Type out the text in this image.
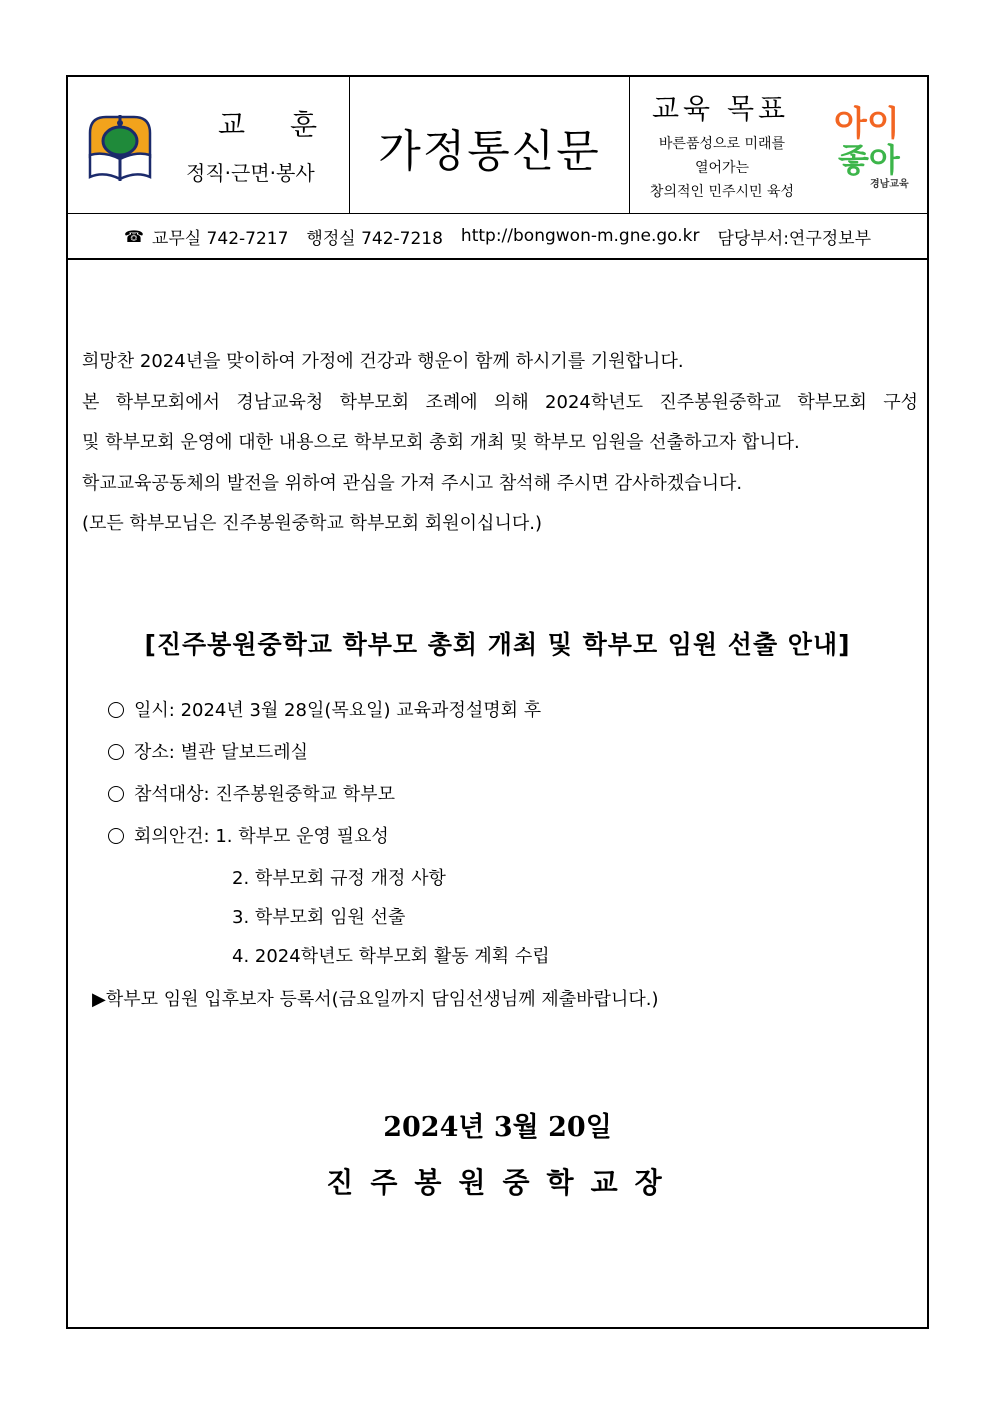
교 훈
정직·근면·봉사	가정통신문
교육 목표
바른품성으로 미래를
열어가는
창의적인 민주시민 육성
아이
좋아
경남교육
☎ 교무실 742-7217 행정실 742-7218 http://bongwon-m.gne.go.kr 담당부서:연구정보부

희망찬 2024년을 맞이하여 가정에 건강과 행운이 함께 하시기를 기원합니다.

본 학부모회에서 경남교육청 학부모회 조례에 의해 2024학년도 진주봉원중학교 학부모회 구성

및 학부모회 운영에 대한 내용으로 학부모회 총회 개최 및 학부모 임원을 선출하고자 합니다.

학교교육공동체의 발전을 위하여 관심을 가져 주시고 참석해 주시면 감사하겠습니다.

(모든 학부모님은 진주봉원중학교 학부모회 회원이십니다.)

[진주봉원중학교 학부모 총회 개최 및 학부모 임원 선출 안내]
일시: 2024년 3월 28일(목요일) 교육과정설명회 후
장소: 별관 달보드레실
참석대상: 진주봉원중학교 학부모
회의안건: 1. 학부모 운영 필요성
2. 학부모회 규정 개정 사항
3. 학부모회 임원 선출
4. 2024학년도 학부모회 활동 계획 수립
▶학부모 임원 입후보자 등록서(금요일까지 담임선생님께 제출바랍니다.)
2024년 3월 20일
진주봉원중학교장
